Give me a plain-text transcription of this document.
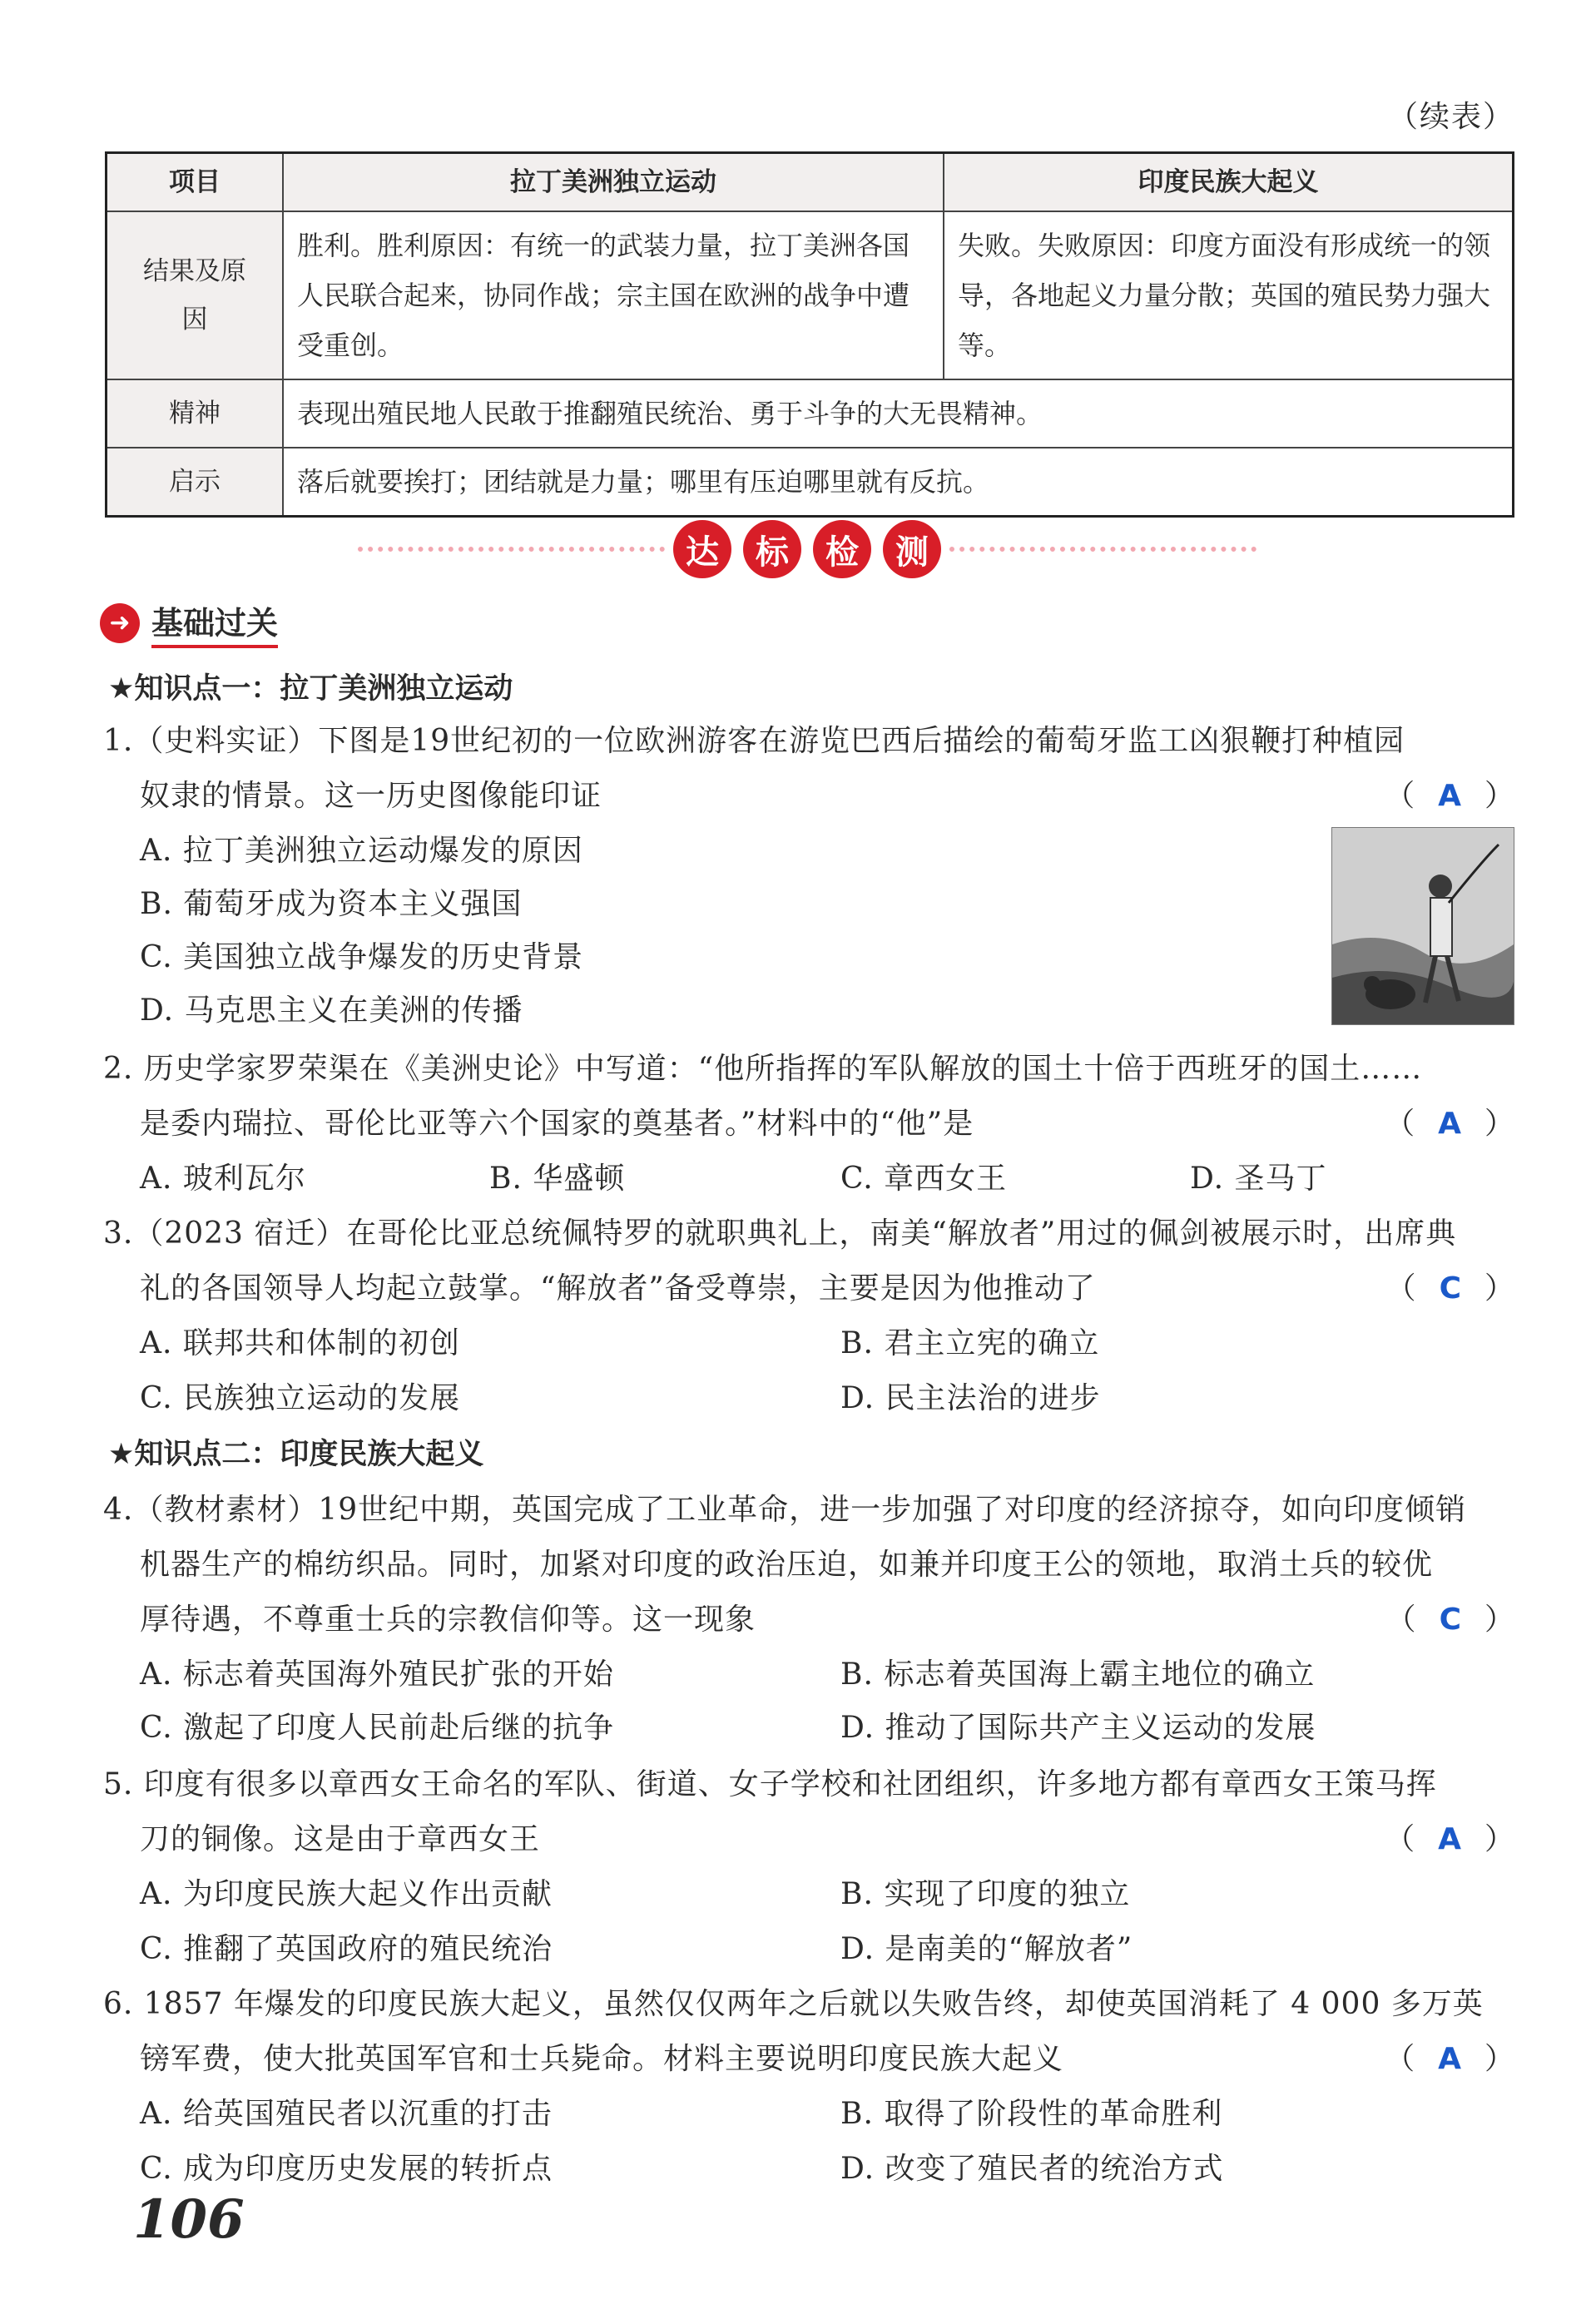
（续表）
项目	拉丁美洲独立运动	印度民族大起义
结果及原因	胜利。胜利原因：有统一的武装力量，拉丁美洲各国人民联合起来，协同作战；宗主国在欧洲的战争中遭受重创。	失败。失败原因：印度方面没有形成统一的领导，各地起义力量分散；英国的殖民势力强大等。
精神	表现出殖民地人民敢于推翻殖民统治、勇于斗争的大无畏精神。	
启示	落后就要挨打；团结就是力量；哪里有压迫哪里就有反抗。	
达	标	检	测
➜ 基础过关
★知识点一：拉丁美洲独立运动
1.（史料实证）下图是19世纪初的一位欧洲游客在游览巴西后描绘的葡萄牙监工凶狠鞭打种植园
奴隶的情景。这一历史图像能印证	（ A ）
A. 拉丁美洲独立运动爆发的原因
B. 葡萄牙成为资本主义强国
C. 美国独立战争爆发的历史背景
D. 马克思主义在美洲的传播
2. 历史学家罗荣渠在《美洲史论》中写道：“他所指挥的军队解放的国土十倍于西班牙的国土……
是委内瑞拉、哥伦比亚等六个国家的奠基者。”材料中的“他”是	（ A ）
A. 玻利瓦尔	B. 华盛顿	C. 章西女王	D. 圣马丁
3.（2023 宿迁）在哥伦比亚总统佩特罗的就职典礼上，南美“解放者”用过的佩剑被展示时，出席典
礼的各国领导人均起立鼓掌。“解放者”备受尊崇，主要是因为他推动了	（ C ）
A. 联邦共和体制的初创	B. 君主立宪的确立
C. 民族独立运动的发展	D. 民主法治的进步
★知识点二：印度民族大起义
4.（教材素材）19世纪中期，英国完成了工业革命，进一步加强了对印度的经济掠夺，如向印度倾销
机器生产的棉纺织品。同时，加紧对印度的政治压迫，如兼并印度王公的领地，取消土兵的较优
厚待遇，不尊重士兵的宗教信仰等。这一现象	（ C ）
A. 标志着英国海外殖民扩张的开始	B. 标志着英国海上霸主地位的确立
C. 激起了印度人民前赴后继的抗争	D. 推动了国际共产主义运动的发展
5. 印度有很多以章西女王命名的军队、街道、女子学校和社团组织，许多地方都有章西女王策马挥
刀的铜像。这是由于章西女王	（ A ）
A. 为印度民族大起义作出贡献	B. 实现了印度的独立
C. 推翻了英国政府的殖民统治	D. 是南美的“解放者”
6. 1857 年爆发的印度民族大起义，虽然仅仅两年之后就以失败告终，却使英国消耗了 4 000 多万英
镑军费，使大批英国军官和士兵毙命。材料主要说明印度民族大起义	（ A ）
A. 给英国殖民者以沉重的打击	B. 取得了阶段性的革命胜利
C. 成为印度历史发展的转折点	D. 改变了殖民者的统治方式
106
